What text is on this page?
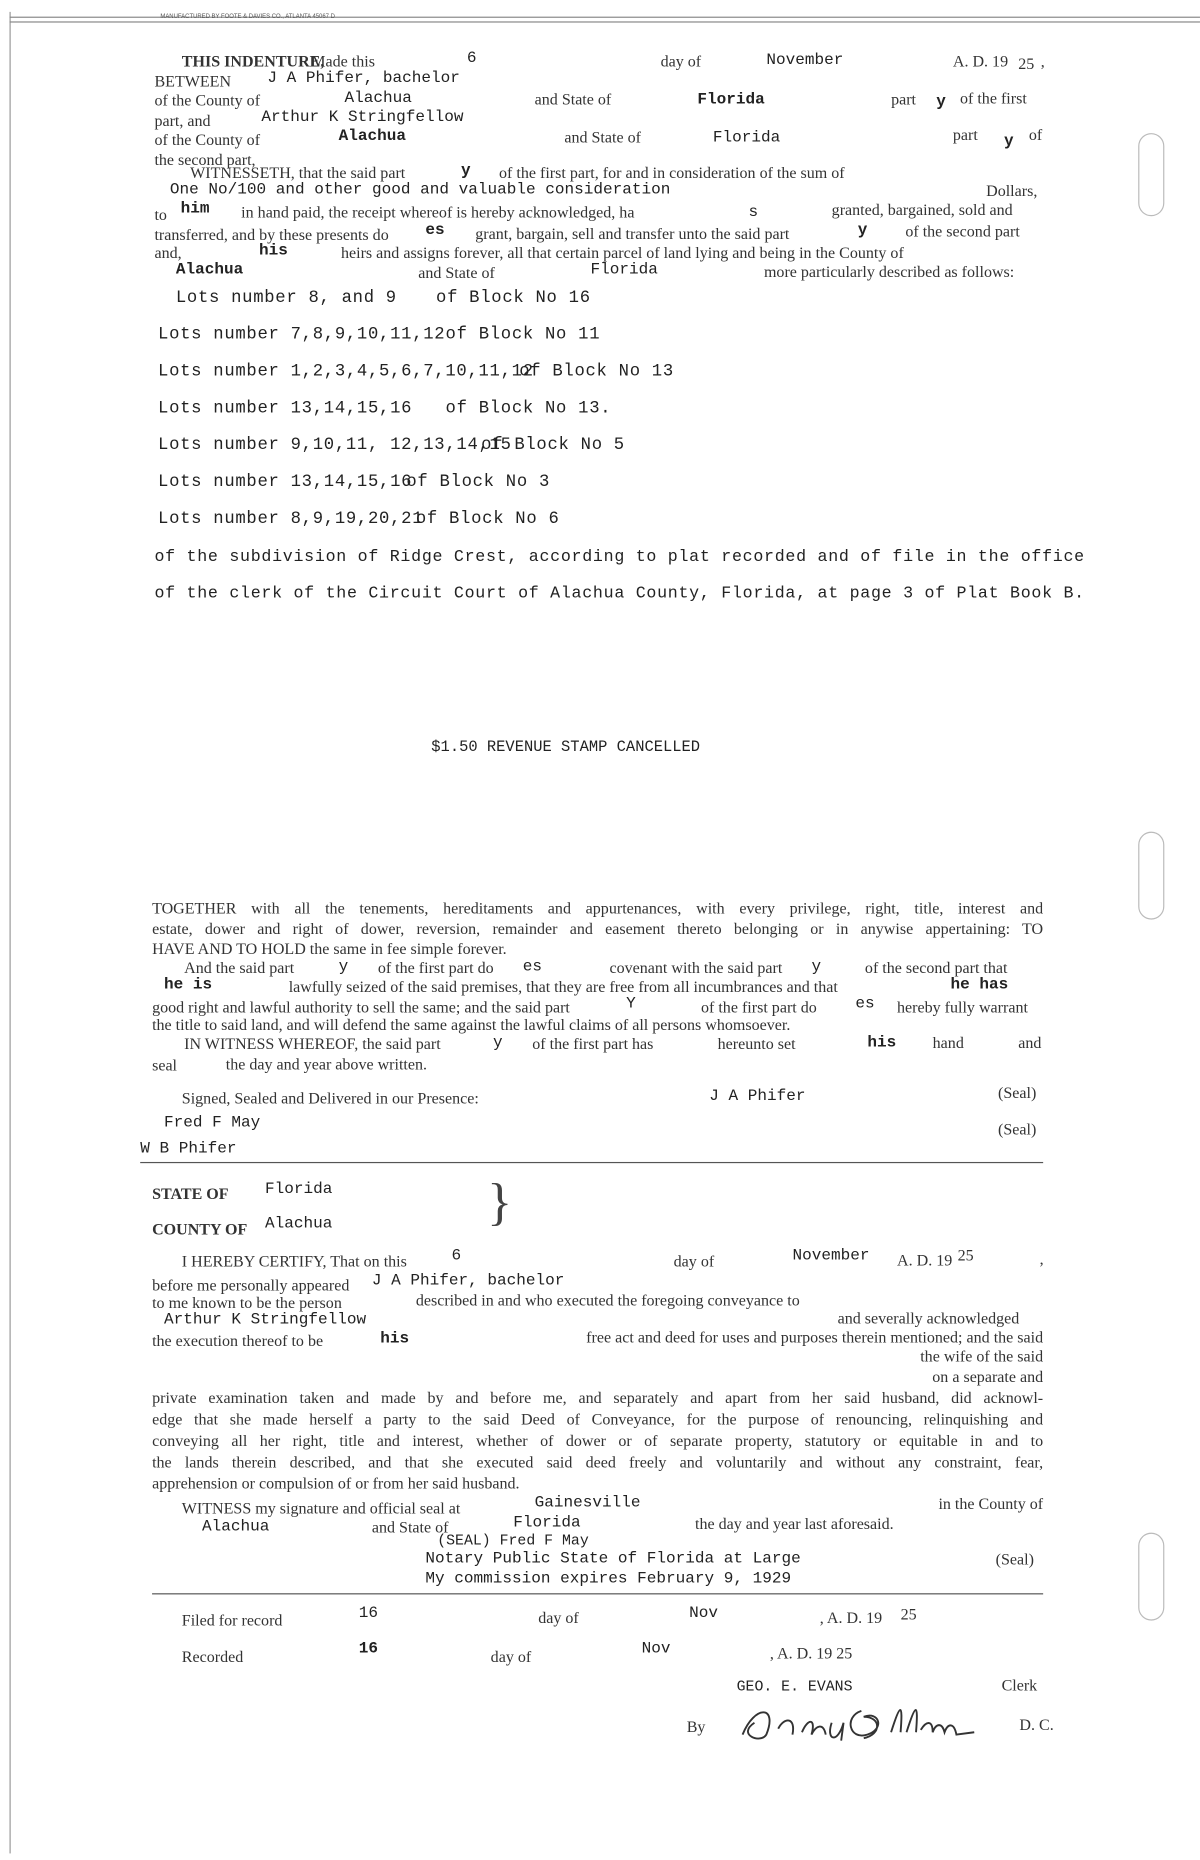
MANUFACTURED BY FOOTE & DAVIES CO., ATLANTA 45067 D
THIS INDENTURE,
Made this	6	day of	November	A. D. 19 25 ,
BETWEEN	J A Phifer, bachelor
of the County of	Alachua	and State of	Florida	part y of the first
part, and	Arthur K Stringfellow
of the County of	Alachua	and State of	Florida	part y of
the second part,
WITNESSETH, that the said part	y of the first part, for and in consideration of the sum of
One No/100 and other good and valuable consideration	Dollars,
to him in hand paid, the receipt whereof is hereby acknowledged, ha	s	granted, bargained, sold and
transferred, and by these presents do	es grant, bargain, sell and transfer unto the said part	y	of the second part
and,	his	heirs and assigns forever, all that certain parcel of land lying and being in the County of
Alachua	and State of	Florida	more particularly described as follows:
Lots number 8, and 9	of Block No 16
Lots number 7,8,9,10,11,12 of Block No 11
Lots number 1,2,3,4,5,6,7,10,11,12
of Block No 13
Lots number 13,14,15,16 of Block No 13.
Lots number 9,10,11, 12,13,14,15
of Block No 5
Lots number 13,14,15,16
of Block No 3
Lots number 8,9,19,20,21
of Block No 6
of the subdivision of Ridge Crest, according to plat recorded and of file in the office
of the clerk of the Circuit Court of Alachua County, Florida, at page 3 of Plat Book B.
$1.50 REVENUE STAMP CANCELLED
TOGETHER with all the tenements, hereditaments and appurtenances, with every privilege, right, title, interest and
estate, dower and right of dower, reversion, remainder and easement thereto belonging or in anywise appertaining: TO
HAVE AND TO HOLD the same in fee simple forever.
And the said part	y of the first part do es	covenant with the said part y	of the second part that
he is	lawfully seized of the said premises, that they are free from all incumbrances and that	he has
good right and lawful authority to sell the same; and the said part	Y	of the first part do	es hereby fully warrant
the title to said land, and will defend the same against the lawful claims of all persons whomsoever.
IN WITNESS WHEREOF, the said part	y of the first part has	hereunto set	his	hand	and
seal	the day and year above written.
Signed, Sealed and Delivered in our Presence:	J A Phifer	(Seal)
Fred F May	(Seal)
W B Phifer
STATE OF	Florida	}
COUNTY OF Alachua
I HEREBY CERTIFY, That on this	6	day of	November A. D. 19 25	,
before me personally appeared J A Phifer, bachelor
to me known to be the person	described in and who executed the foregoing conveyance to
Arthur K Stringfellow	and severally acknowledged
the execution thereof to be	his	free act and deed for uses and purposes therein mentioned; and the said
the wife of the said
on a separate and
private examination taken and made by and before me, and separately and apart from her said husband, did acknowl-
edge that she made herself a party to the said Deed of Conveyance, for the purpose of renouncing, relinquishing and
conveying all her right, title and interest, whether of dower or of separate property, statutory or equitable in and to
the lands therein described, and that she executed said deed freely and voluntarily and without any constraint, fear,
apprehension or compulsion of or from her said husband.
WITNESS my signature and official seal at	Gainesville	in the County of
Alachua	and State of	Florida	the day and year last aforesaid.
(SEAL) Fred F May
Notary Public State of Florida at Large	(Seal)
My commission expires February 9, 1929
Filed for record	16	day of	Nov	, A. D. 19 25
Recorded	16	day of	Nov	, A. D. 19 25
GEO. E. EVANS	Clerk
By	D. C.
